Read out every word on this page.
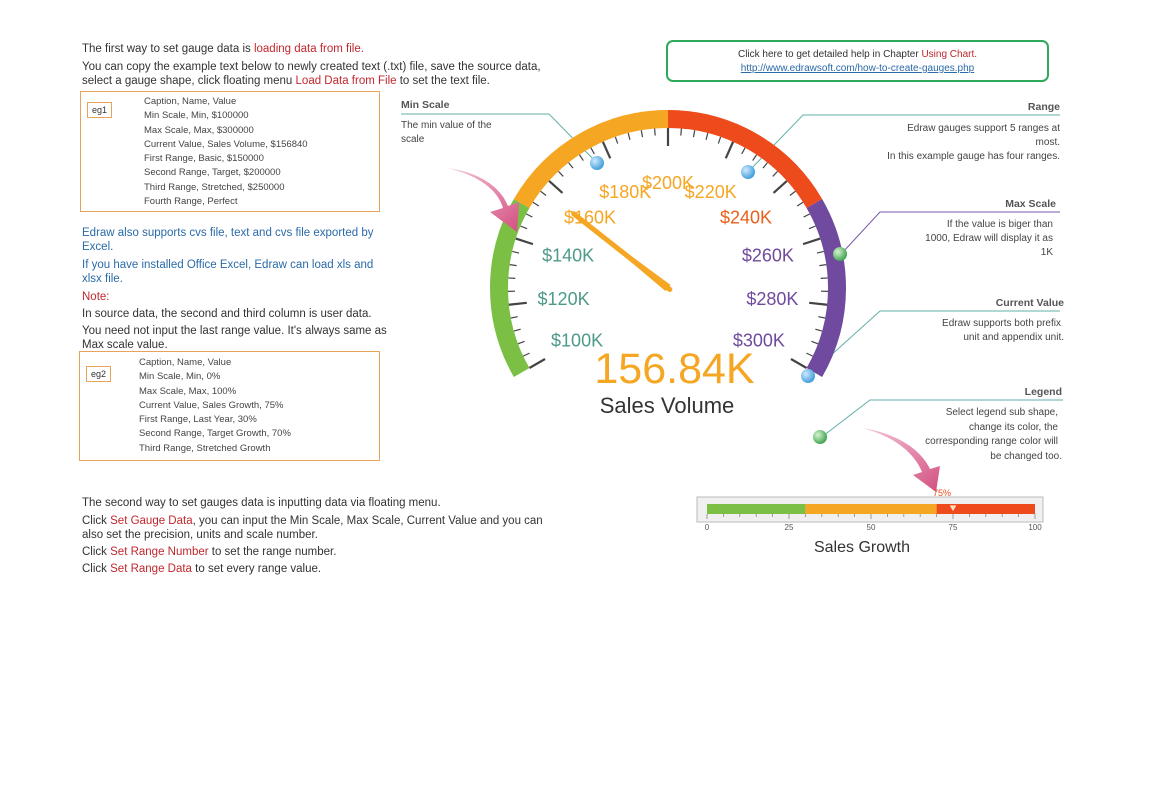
The first way to set gauge data is loading data from file.
You can copy the example text below to newly created text (.txt) file, save the source data,
select a gauge shape, click floating menu Load Data from File to set the text file.
Click here to get detailed help in Chapter Using Chart.
http://www.edrawsoft.com/how-to-create-gauges.php
eg1
Caption, Name, Value
Min Scale, Min, $100000
Max Scale, Max, $300000
Current Value, Sales Volume, $156840
First Range, Basic, $150000
Second Range, Target, $200000
Third Range, Stretched, $250000
Fourth Range, Perfect
Edraw also supports cvs file, text and cvs file exported by
Excel.
If you have installed Office Excel, Edraw can load xls and
xlsx file.
Note:
In source data, the second and third column is user data.
You need not input the last range value. It's always same as
Max scale value.
eg2
Caption, Name, Value
Min Scale, Min, 0%
Max Scale, Max, 100%
Current Value, Sales Growth, 75%
First Range, Last Year, 30%
Second Range, Target Growth, 70%
Third Range, Stretched Growth
The second way to set gauges data is inputting data via floating menu.
Click Set Gauge Data, you can input the Min Scale, Max Scale, Current Value and you can
also set the precision, units and scale number.
Click Set Range Number to set the range number.
Click Set Range Data to set every range value.
Min Scale
The min value of the
scale
Range
Edraw gauges support 5 ranges at
most.
In this example gauge has four ranges.
Max Scale
If the value is biger than
1000, Edraw will display it as
1K
Current Value
Edraw supports both prefix
unit and appendix unit.
Legend
Select legend sub shape,
change its color, the
corresponding range color will
be changed too.
$100K
$120K
$140K
$160K
$180K
$200K
$220K
$240K
$260K
$280K
$300K
0	25	50	75	100
156.84K
Sales Volume
Sales Growth
75%
